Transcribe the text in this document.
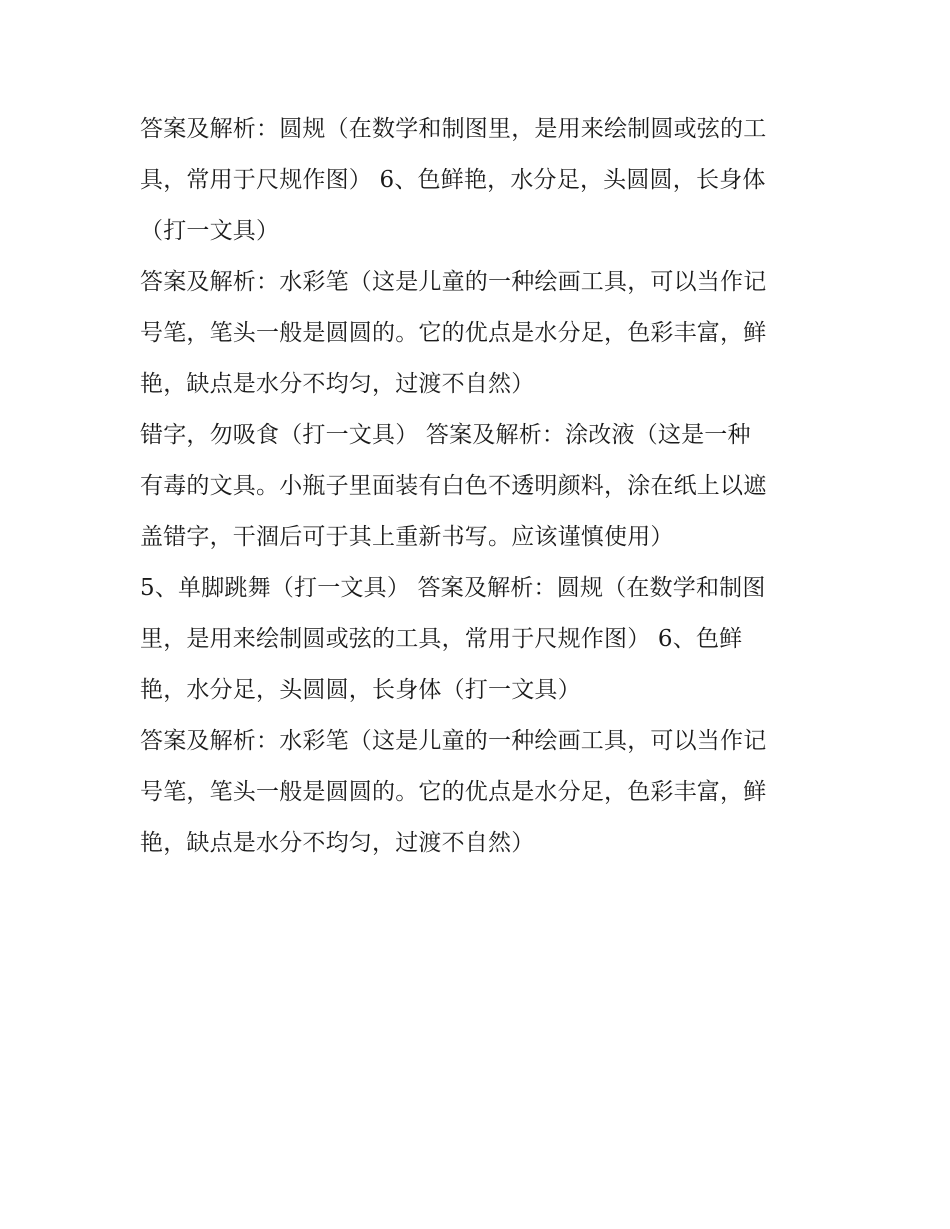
答案及解析：圆规（在数学和制图里，是用来绘制圆或弦的工
具，常用于尺规作图） 6、色鲜艳，水分足，头圆圆，长身体
（打一文具）
答案及解析：水彩笔（这是儿童的一种绘画工具，可以当作记
号笔，笔头一般是圆圆的。它的优点是水分足，色彩丰富，鲜
艳，缺点是水分不均匀，过渡不自然）
错字，勿吸食（打一文具） 答案及解析：涂改液（这是一种
有毒的文具。小瓶子里面装有白色不透明颜料，涂在纸上以遮
盖错字，干涸后可于其上重新书写。应该谨慎使用）
5、单脚跳舞（打一文具） 答案及解析：圆规（在数学和制图
里，是用来绘制圆或弦的工具，常用于尺规作图） 6、色鲜
艳，水分足，头圆圆，长身体（打一文具）
答案及解析：水彩笔（这是儿童的一种绘画工具，可以当作记
号笔，笔头一般是圆圆的。它的优点是水分足，色彩丰富，鲜
艳，缺点是水分不均匀，过渡不自然）
